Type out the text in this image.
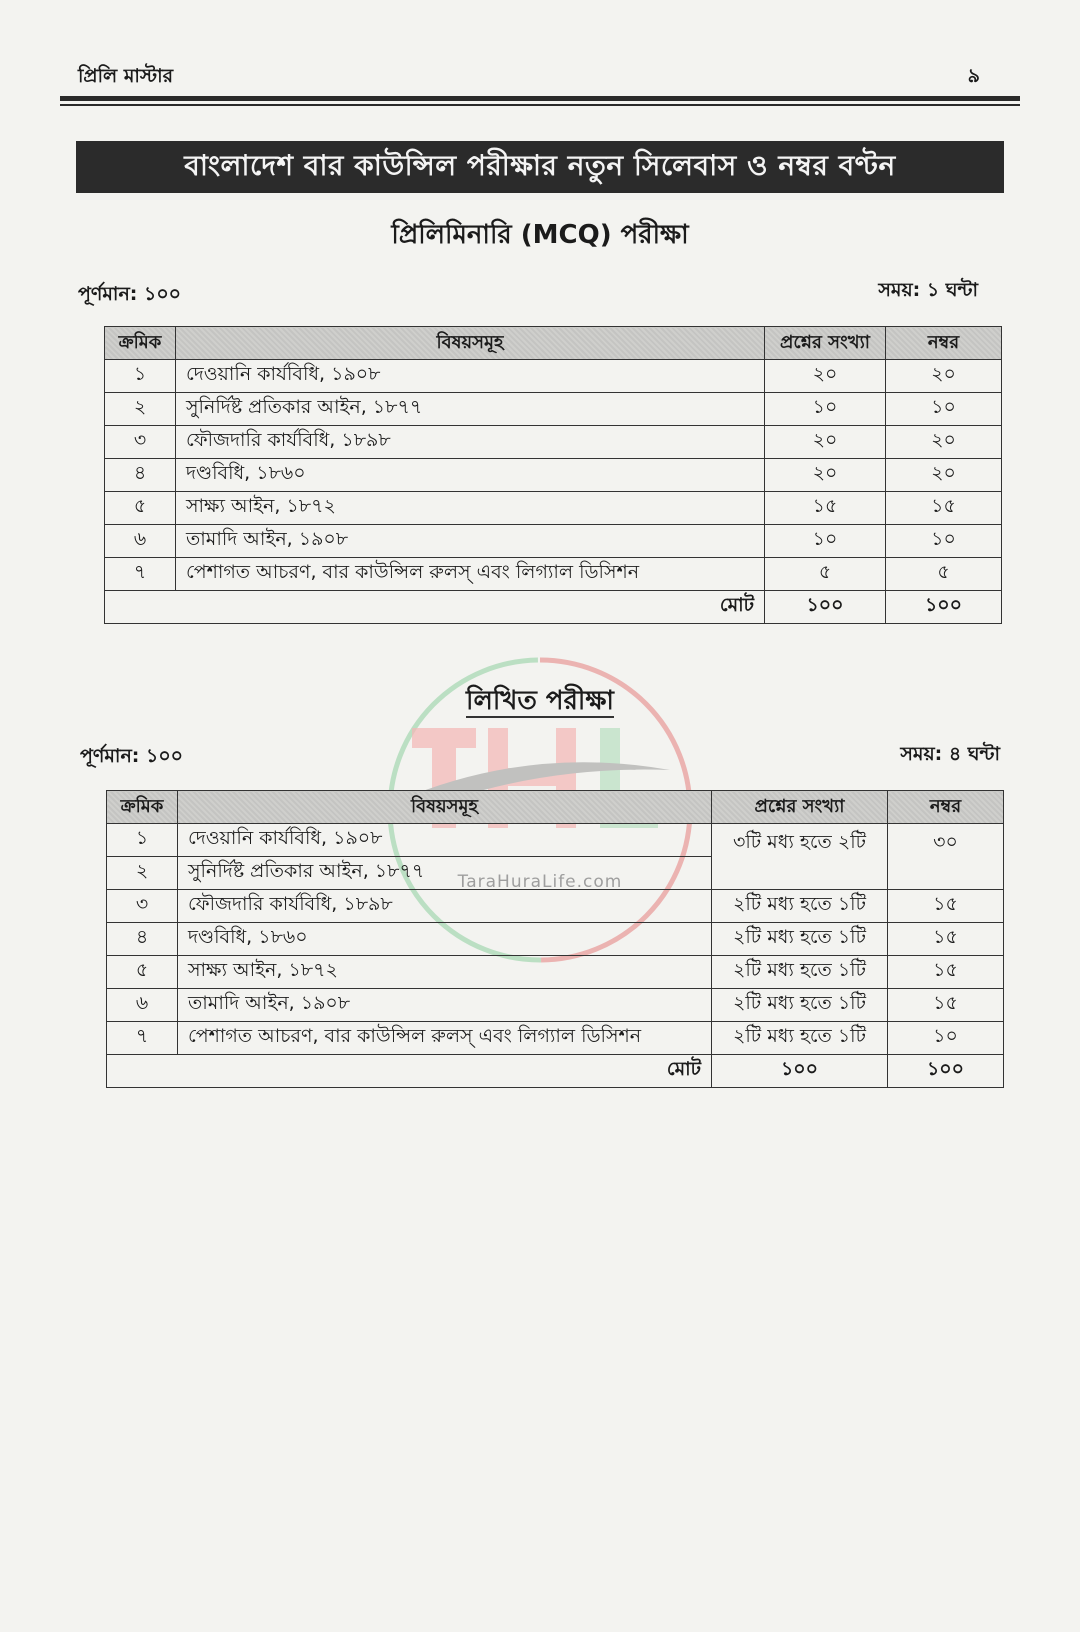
প্রিলি মাস্টার	৯
বাংলাদেশ বার কাউন্সিল পরীক্ষার নতুন সিলেবাস ও নম্বর বণ্টন
প্রিলিমিনারি (MCQ) পরীক্ষা
পূর্ণমান: ১০০	সময়: ১ ঘন্টা
ক্রমিক	বিষয়সমূহ	প্রশ্নের সংখ্যা	নম্বর
১	দেওয়ানি কার্যবিধি, ১৯০৮	২০	২০
২	সুনির্দিষ্ট প্রতিকার আইন, ১৮৭৭	১০	১০
৩	ফৌজদারি কার্যবিধি, ১৮৯৮	২০	২০
৪	দণ্ডবিধি, ১৮৬০	২০	২০
৫	সাক্ষ্য আইন, ১৮৭২	১৫	১৫
৬	তামাদি আইন, ১৯০৮	১০	১০
৭	পেশাগত আচরণ, বার কাউন্সিল রুলস্ এবং লিগ্যাল ডিসিশন	৫	৫
মোট		১০০	১০০
লিখিত পরীক্ষা
পূর্ণমান: ১০০	সময়: ৪ ঘন্টা
ক্রমিক	বিষয়সমূহ	প্রশ্নের সংখ্যা	নম্বর
১	দেওয়ানি কার্যবিধি, ১৯০৮	৩টি মধ্য হতে ২টি	৩০
২	সুনির্দিষ্ট প্রতিকার আইন, ১৮৭৭		
৩	ফৌজদারি কার্যবিধি, ১৮৯৮	২টি মধ্য হতে ১টি	১৫
৪	দণ্ডবিধি, ১৮৬০	২টি মধ্য হতে ১টি	১৫
৫	সাক্ষ্য আইন, ১৮৭২	২টি মধ্য হতে ১টি	১৫
৬	তামাদি আইন, ১৯০৮	২টি মধ্য হতে ১টি	১৫
৭	পেশাগত আচরণ, বার কাউন্সিল রুলস্ এবং লিগ্যাল ডিসিশন	২টি মধ্য হতে ১টি	১০
মোট		১০০	১০০
TaraHuraLife.com
